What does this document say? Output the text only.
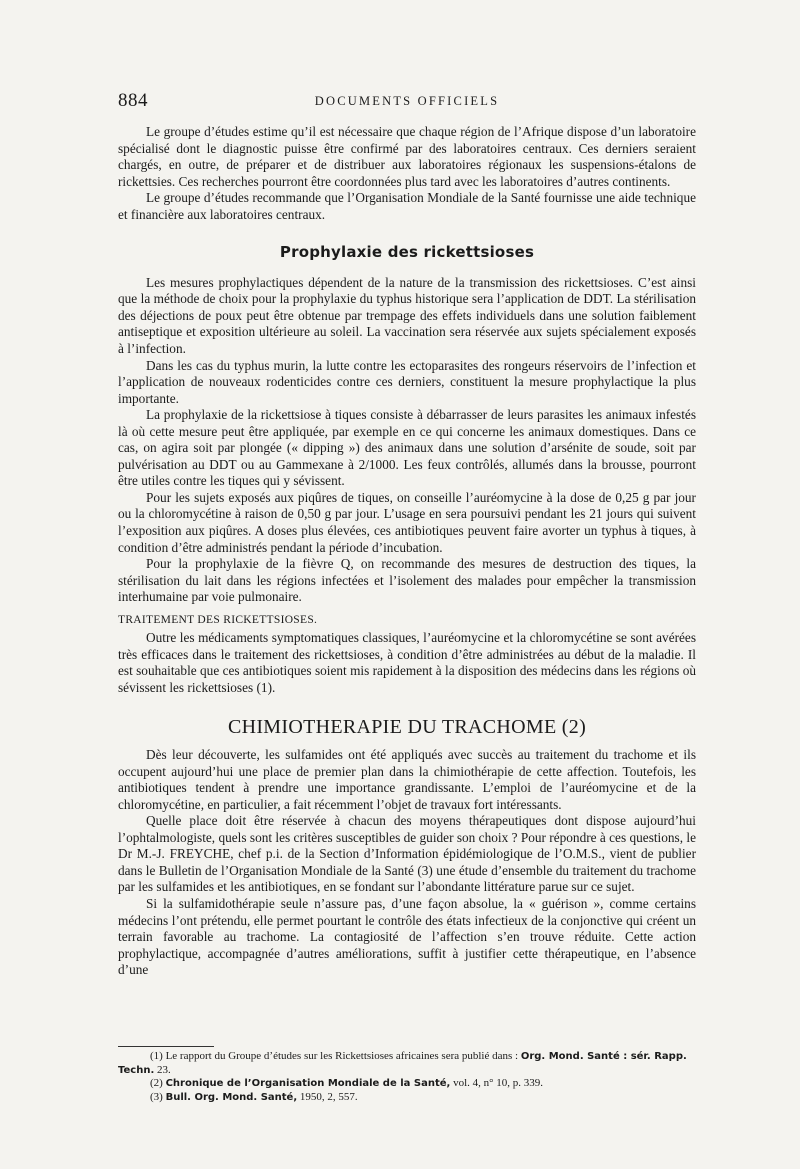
884	DOCUMENTS OFFICIELS

Le groupe d’études estime qu’il est nécessaire que chaque région de l’Afrique dispose d’un laboratoire spécialisé dont le diagnostic puisse être confirmé par des laboratoires centraux. Ces derniers seraient chargés, en outre, de préparer et de distribuer aux laboratoires régionaux les suspensions-étalons de rickettsies. Ces recherches pourront être coordonnées plus tard avec les laboratoires d’autres continents.

Le groupe d’études recommande que l’Organisation Mondiale de la Santé fournisse une aide technique et financière aux laboratoires centraux.

Prophylaxie des rickettsioses

Les mesures prophylactiques dépendent de la nature de la transmission des rickettsioses. C’est ainsi que la méthode de choix pour la prophylaxie du typhus historique sera l’application de DDT. La stérilisation des déjections de poux peut être obtenue par trempage des effets individuels dans une solution faiblement antiseptique et exposition ultérieure au soleil. La vaccination sera réservée aux sujets spécialement exposés à l’infection.

Dans les cas du typhus murin, la lutte contre les ectoparasites des rongeurs réservoirs de l’infection et l’application de nouveaux rodenticides contre ces derniers, constituent la mesure prophylactique la plus importante.

La prophylaxie de la rickettsiose à tiques consiste à débarrasser de leurs parasites les animaux infestés là où cette mesure peut être appliquée, par exemple en ce qui concerne les animaux domestiques. Dans ce cas, on agira soit par plongée (« dipping ») des animaux dans une solution d’arsénite de soude, soit par pulvérisation au DDT ou au Gammexane à 2/1000. Les feux contrôlés, allumés dans la brousse, pourront être utiles contre les tiques qui y sévissent.

Pour les sujets exposés aux piqûres de tiques, on conseille l’auréomycine à la dose de 0,25 g par jour ou la chloromycétine à raison de 0,50 g par jour. L’usage en sera poursuivi pendant les 21 jours qui suivent l’exposition aux piqûres. A doses plus élevées, ces antibiotiques peuvent faire avorter un typhus à tiques, à condition d’être administrés pendant la période d’incubation.

Pour la prophylaxie de la fièvre Q, on recommande des mesures de destruction des tiques, la stérilisation du lait dans les régions infectées et l’isolement des malades pour empêcher la transmission interhumaine par voie pulmonaire.

TRAITEMENT DES RICKETTSIOSES.

Outre les médicaments symptomatiques classiques, l’auréomycine et la chloromycétine se sont avérées très efficaces dans le traitement des rickettsioses, à condition d’être administrées au début de la maladie. Il est souhaitable que ces antibiotiques soient mis rapidement à la disposition des médecins dans les régions où sévissent les rickettsioses (1).

CHIMIOTHERAPIE DU TRACHOME (2)

Dès leur découverte, les sulfamides ont été appliqués avec succès au traitement du trachome et ils occupent aujourd’hui une place de premier plan dans la chimiothérapie de cette affection. Toutefois, les antibiotiques tendent à prendre une importance grandissante. L’emploi de l’auréomycine et de la chloromycétine, en particulier, a fait récemment l’objet de travaux fort intéressants.

Quelle place doit être réservée à chacun des moyens thérapeutiques dont dispose aujourd’hui l’ophtalmologiste, quels sont les critères susceptibles de guider son choix ? Pour répondre à ces questions, le Dr M.-J. FREYCHE, chef p.i. de la Section d’Information épidémiologique de l’O.M.S., vient de publier dans le Bulletin de l’Organisation Mondiale de la Santé (3) une étude d’ensemble du traitement du trachome par les sulfamides et les antibiotiques, en se fondant sur l’abondante littérature parue sur ce sujet.

Si la sulfamidothérapie seule n’assure pas, d’une façon absolue, la « guérison », comme certains médecins l’ont prétendu, elle permet pourtant le contrôle des états infectieux de la conjonctive qui créent un terrain favorable au trachome. La contagiosité de l’affection s’en trouve réduite. Cette action prophylactique, accompagnée d’autres améliorations, suffit à justifier cette thérapeutique, en l’absence d’une

(1) Le rapport du Groupe d’études sur les Rickettsioses africaines sera publié dans : Org. Mond. Santé : sér. Rapp. Techn. 23.

(2) Chronique de l’Organisation Mondiale de la Santé, vol. 4, n° 10, p. 339.

(3) Bull. Org. Mond. Santé, 1950, 2, 557.
